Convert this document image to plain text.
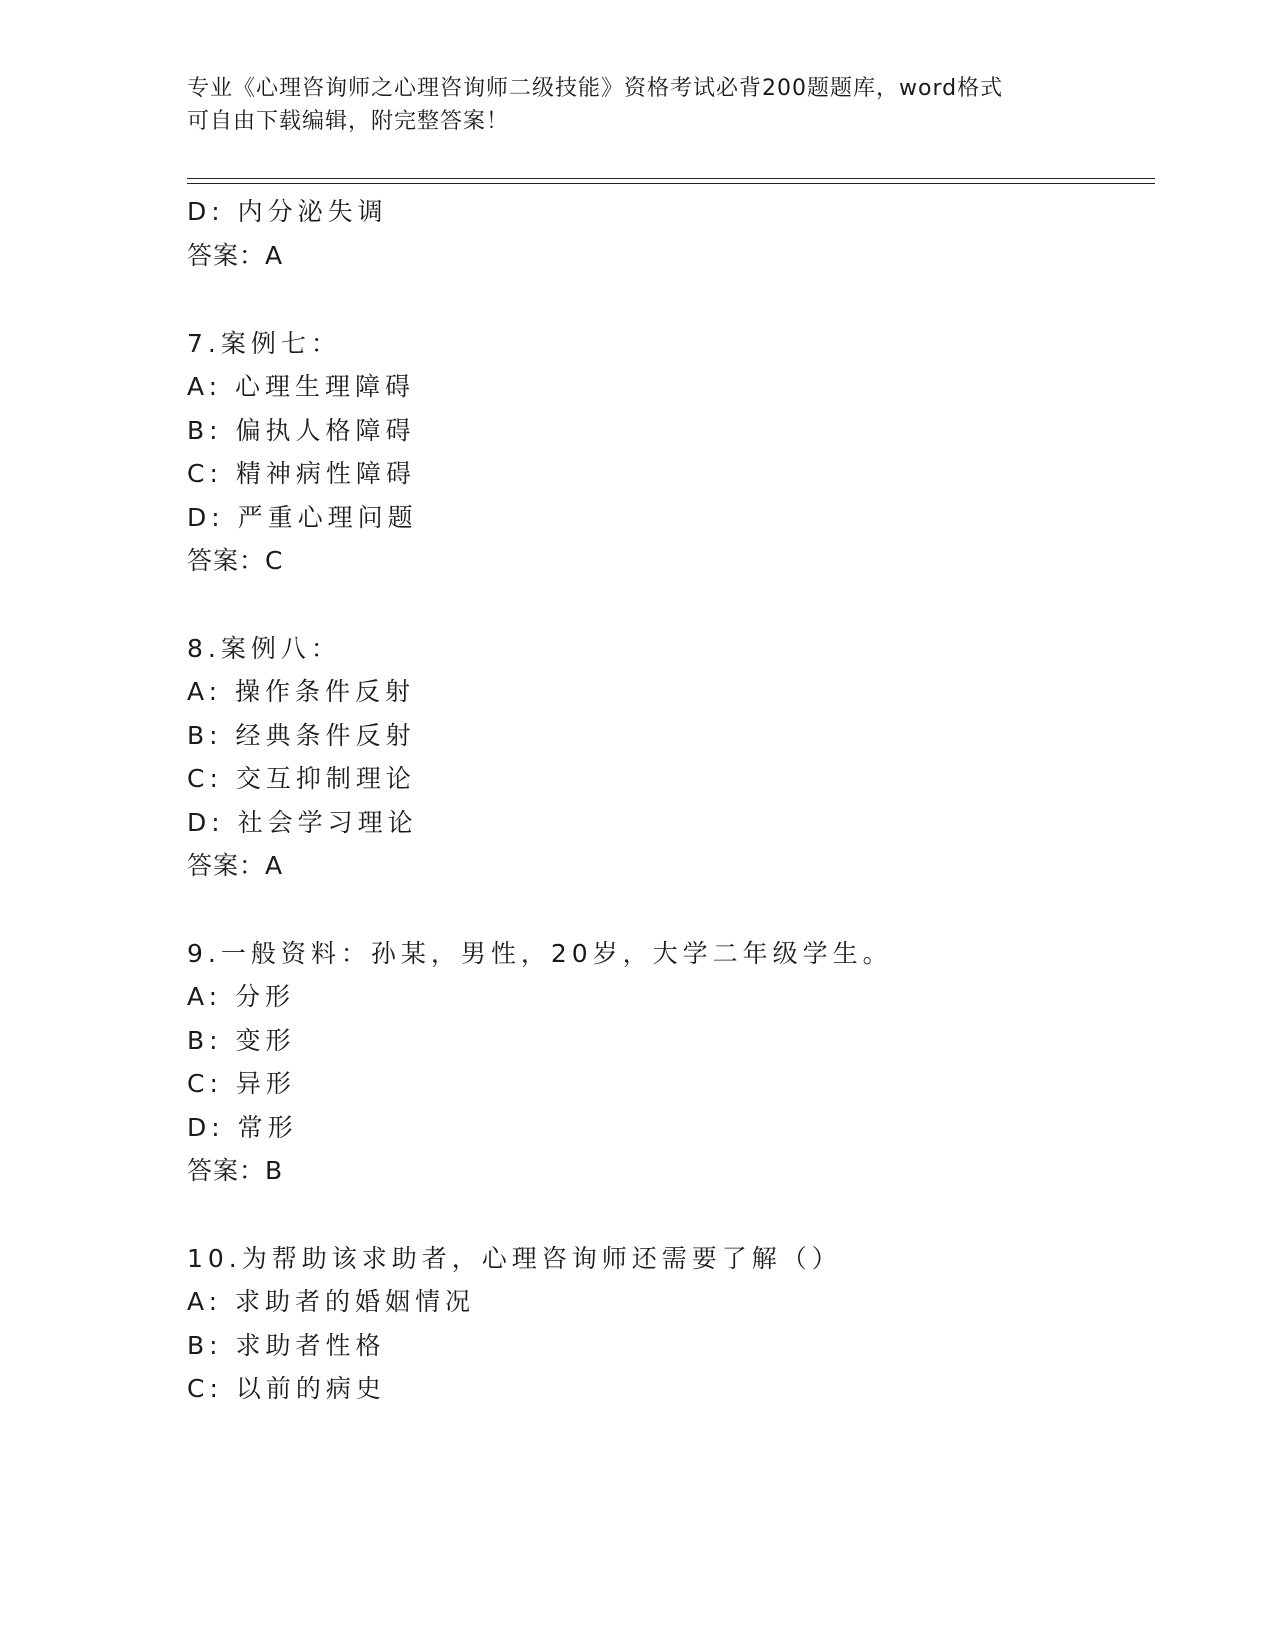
专业《心理咨询师之心理咨询师二级技能》资格考试必背200题题库，word格式
可自由下载编辑，附完整答案！
D: 内分泌失调
答案：A
7.案例七：
A: 心理生理障碍
B: 偏执人格障碍
C: 精神病性障碍
D: 严重心理问题
答案：C
8.案例八：
A: 操作条件反射
B: 经典条件反射
C: 交互抑制理论
D: 社会学习理论
答案：A
9.一般资料：孙某，男性，20岁，大学二年级学生。
A: 分形
B: 变形
C: 异形
D: 常形
答案：B
10.为帮助该求助者，心理咨询师还需要了解（）
A: 求助者的婚姻情况
B: 求助者性格
C: 以前的病史
